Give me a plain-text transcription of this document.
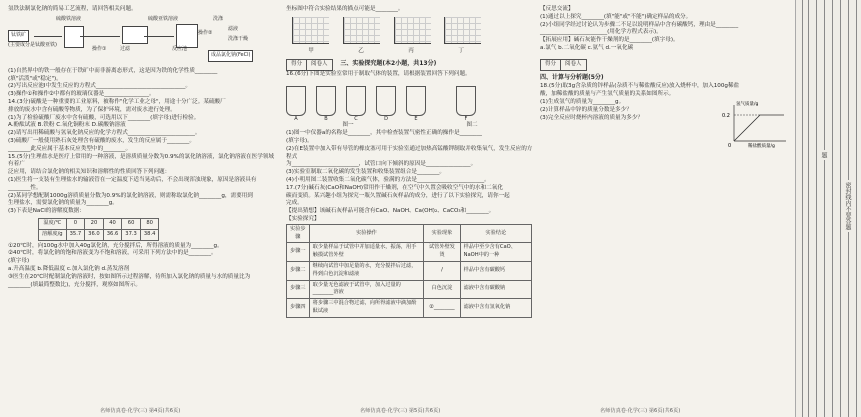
氢铁法制氯化钠的简易工艺流程，请回答相关问题。

硫酸铁溶液	硫酸亚铁溶液	洗涤
钛铁矿
(主要成分是钛酸亚铁)
操作①	过滤	反应池
操作②
滤液
洗涤干燥
成品氯化钠(FeCl)

(1)自然界中的铁一般存在于铁矿中而非游离态形式，这是因为铁的化学性质________

(填"活泼"或"稳定")。

(2)写出反应池Ⅰ中发生反应的方程式________________________________。

(3)操作①和操作②中都有的玻璃仪器是________________。

14.(3分)硫酸是一种重要的工业原料，被称作"化学工业之母"，用途十分广泛。某硫酸厂

排放的废水中含有硫酸等物质，为了保护环境，需对废水进行处理。

(1)为了检验硫酸厂废水中含有硫酸，可选用以下________(填字母)进行检验。

A.酚酞试液 B.铁粉 C.氧化铜粉末 D.碳酸钠溶液

(2)请写出用稀硫酸与氢氧化钠反应的化学方程式________________________。

(3)硫酸厂一般使用熟石灰处理含有硫酸的废水，发生的反应属于________。

________此反应属于基本反应类型中的________。

15.(5分)生理盐水是医疗上常用的一种溶液，是溶质质量分数为0.9%的氯化钠溶液，氯化钠溶液在医学领域有着广

泛应用，请结合氯化钠的相关知识和溶解性的性质回答下列问题：

(1)医生将一支装有生理盐水的输液管在一定温度下适当晃动后，不会出现浑浊现象，原因是溶液具有________性。

(2)某同学想配制1000g溶质质量分数为0.9%的氯化钠溶液，则需称取氯化钠________g，需要用到

生理盐水，需要氯化钠的质量为________g。

(3)下表是NaCl的溶解度数据：

温度/℃	0	20	40	60	80
溶解度/g	35.7	36.0	36.6	37.3	38.4

①20℃时，向100g水中加入40g氯化钠，充分搅拌后，所得溶液的质量为________g。

②40℃时，将氯化钠的饱和溶液变为不饱和溶液，可采用下列方法中的是________。

(填字母)

a.升高温度 b.降低温度 c.加入氯化钠 d.蒸发溶剂

③医生在20℃时配制氯化钠溶液时，按如图所示过程溶解，待所加入氯化钠的质量与水的质量比为

________(填最简整数比)，充分搅拌，观察如图所示。

名师仿真卷·化学(三) 第4页(共6页)

坐标图中符合实验结果的描点可能是________。

甲	乙	丙	丁

得分 阅卷人 三、实验探究题(本2小题，共13分)

16.(6分)下图是实验室常用于制取气体的装置，请根据装置回答下列问题。

A	B	C	D	E	F

图一	图二

(1)图一中仪器a的名称是________，其中检查装置气密性正确的操作是________

(填字母)。

(2)在E装置中加入带有导管的橡皮塞可用于实验室通过加热高锰酸钾制取并收集氧气，发生反应的方程式

为________________________，试管口向下倾斜的原因是________________。

(3)实验室制取二氧化碳的发生装置和收集装置组合是________。

(4)小明用图二装置收集二氧化碳气体，验满的方法是________________________。

17.(7分)碱石灰(CaO和NaOH)常用作干燥剂，在空气中久置会吸收空气中的水和二氧化

碳而变质。某兴趣小组为探究一瓶久置碱石灰样品的成分，进行了以下实验探究，请你一起

完成。

【提出猜想】该碱石灰样品可能含有CaO、NaOH、Ca(OH)₂、CaCO₃和________。

【实验探究】

实验步骤	实验操作	实验现象	实验结论
步骤一	取少量样品于试管中并加适量水，振荡，用手触摸试管外壁	试管外壁发烫	样品中至少含有CaO、NaOH中的一种
步骤二	继续向试管中加足量的水，充分搅拌后过滤，得到白色沉淀和滤液	/	样品中含有碳酸钙
步骤三	取少量无色滤液于试管中，加入过量的________溶液	白色沉淀	滤液中含有碳酸钠
步骤四	将步骤三中混合物过滤，向所得滤液中滴加酚酞试液	②________	滤液中含有氢氧化钠
名师仿真卷·化学(三) 第5页(共6页)

【反思交流】

(1)通过以上探究________(填"能"或"不能")确定样品的成分。

(2)小组同学经过讨论认为步骤二不足以说明样品中含有碳酸钙，理由是________

________________________(用化学方程式表示)。

【拓展应用】碱石灰能作干燥剂的是________(填字母)。

a.氯气 b.二氧化碳 c.氨气 d.一氧化碳

得分 阅卷人

四、计算与分析题(5分)

18.(5分)取3g含杂质的锌样品(杂质不与稀盐酸反应)放入烧杯中，加入100g稀盐

酸，加稀盐酸的质量与产生氢气质量的关系如图所示。

(1)生成氢气的质量为________g。

(2)计算样品中锌的质量分数是多少？

(3)完全反应时烧杯内溶液的质量为多少？	0.2
0
氢气质量/g
稀盐酸质量/g
名师仿真卷·化学(三) 第6页(共6页)
题
密封线内不要答题
